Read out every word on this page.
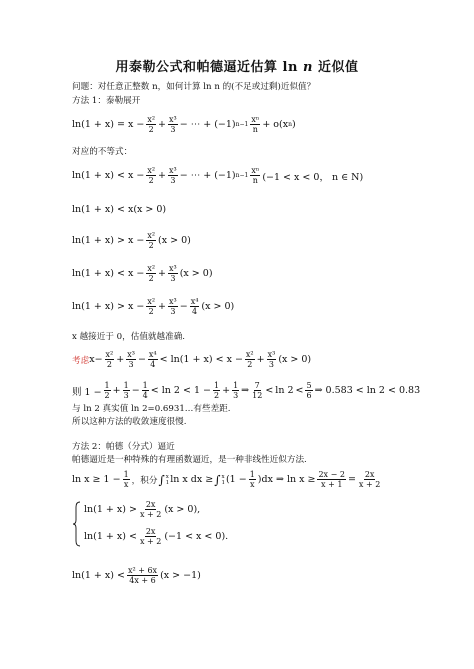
用泰勒公式和帕德逼近估算 ln n 近似值
问题：对任意正整数 n，如何计算 ln n 的(不足或过剩)近似值？
方法 1：泰勒展开
$\ln(1 + x) = x - \frac{\text{x²}}{2} + \frac{\text{x³}}{3}$ − ⋯ + (−1) $n-1 \frac{\text{xⁿ}}{n} + o(x$ n )
对应的不等式：
$\ln(1 + x) < x - \frac{\text{x²}}{2} + \frac{\text{x³}}{3}$ − ⋯ + (−1) $n-1 \frac{\text{xⁿ}}{n} (-1 < x < 0$， n ∈ N)
ln(1 + x) < x(x > 0)
$\ln(1 + x) > x - \frac{\text{x²}}{2} (x > 0)$
$\ln(1 + x) < x - \frac{\text{x²}}{2} + \frac{\text{x³}}{3} (x > 0)$
$\ln(1 + x) > x - \frac{\text{x²}}{2} + \frac{\text{x³}}{3} - \frac{\text{x⁴}}{4} (x > 0)$
x 越接近于 0，估值就越准确.
考虑 $x - \frac{\text{x²}}{2} + \frac{\text{x³}}{3} - \frac{\text{x⁴}}{4} < \ln(1 + x) < x - \frac{\text{x²}}{2} + \frac{\text{x³}}{3} (x > 0)$
则 $1 - \frac{1}{2} + \frac{1}{3} - \frac{1}{4} < \ln 2 < 1 - \frac{1}{2} + \frac{1}{3}$ ⇒ $\frac{7}{12} < \ln 2 < \frac{5}{6}$ ⇒ 0.583 < ln 2 < 0.83̇
与 ln 2 真实值 ln 2=0.6931…有些差距.
所以这种方法的收敛速度很慢.
方法 2：帕德（分式）逼近
帕德逼近是一种特殊的有理函数逼近，是一种非线性近似方法.
$\ln x \ge 1 - \frac{1}{x}$ ，积分 ∫ x
1 ln x dx ≥ ∫ x
1 $(1 - \frac{1}{x} )dx$ ⇒ $\ln x \ge \frac{2x - 2}{x + 1} = \frac{2x}{x + 2}$
$\ln(1 + x) > \frac{2x}{x + 2} (x > 0)$,
$\ln(1 + x) < \frac{2x}{x + 2} (-1 < x < 0)$.
$\ln(1 + x) < \frac{\text{x² + 6x}}{4x + 6} (x > -1)$
